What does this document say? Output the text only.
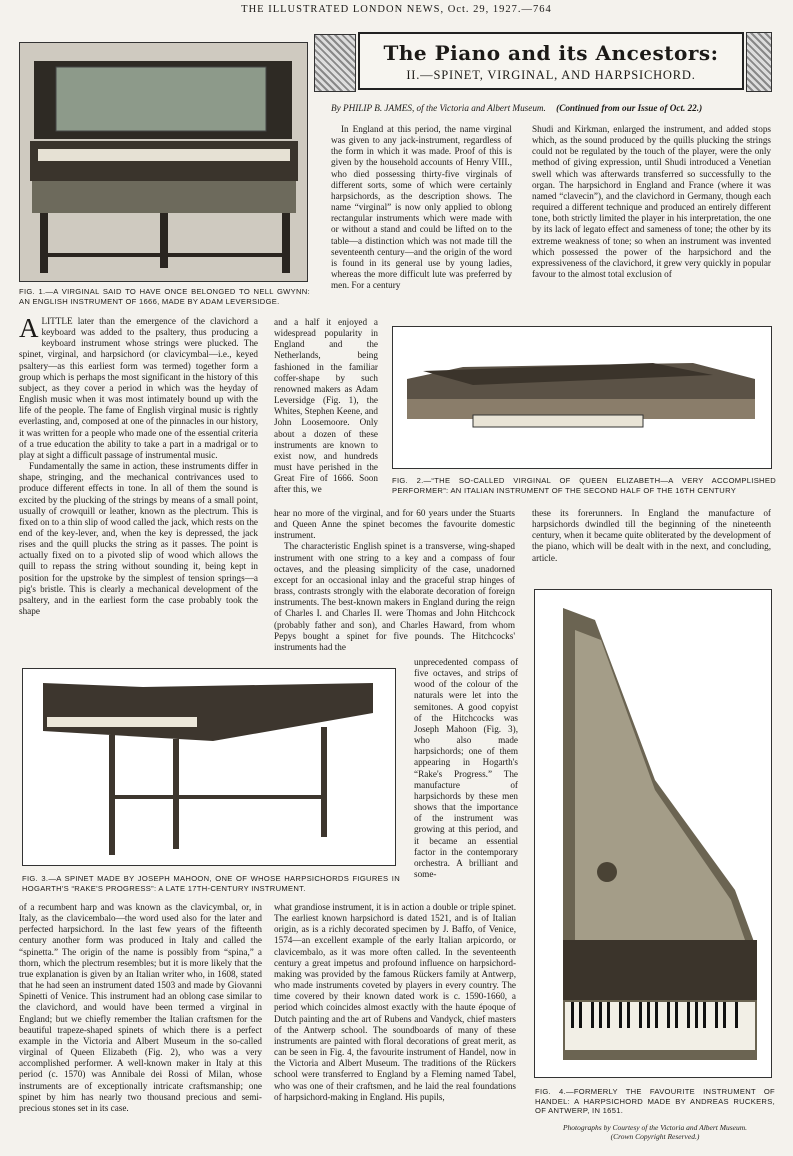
THE ILLUSTRATED LONDON NEWS, Oct. 29, 1927.—764
The Piano and its Ancestors:
II.—SPINET, VIRGINAL, AND HARPSICHORD.
By PHILIP B. JAMES, of the Victoria and Albert Museum. (Continued from our Issue of Oct. 22.)
FIG. 1.—A VIRGINAL SAID TO HAVE ONCE BELONGED TO NELL GWYNN: AN ENGLISH INSTRUMENT OF 1666, MADE BY ADAM LEVERSIDGE.
ALITTLE later than the emergence of the clavichord a keyboard was added to the psaltery, thus producing a keyboard instrument whose strings were plucked. The spinet, virginal, and harpsichord (or clavicymbal—i.e., keyed psaltery—as this earliest form was termed) together form a group which is perhaps the most significant in the history of this subject, as they cover a period in which was the heyday of English music when it was most intimately bound up with the life of the people. The fame of English virginal music is rightly everlasting, and, composed at one of the pinnacles in our history, it was written for a people who made one of the essential criteria of a true education the ability to take a part in a madrigal or to play at sight a difficult passage of instrumental music.

Fundamentally the same in action, these instruments differ in shape, stringing, and the mechanical contrivances used to produce different effects in tone. In all of them the sound is excited by the plucking of the strings by means of a small point, usually of crowquill or leather, known as the plectrum. This is fixed on to a thin slip of wood called the jack, which rests on the end of the key-lever, and, when the key is depressed, the jack rises and the quill plucks the string as it passes. The point is actually fixed on to a pivoted slip of wood which allows the quill to repass the string without sounding it, being kept in position for the upstroke by the simplest of tension springs—a pig's bristle. This is clearly a mechanical development of the psaltery, and in the earliest form the case probably took the shape

In England at this period, the name virginal was given to any jack-instrument, regardless of the form in which it was made. Proof of this is given by the household accounts of Henry VIII., who died possessing thirty-five virginals of different sorts, some of which were certainly harpsichords, as the description shows. The name “virginal” is now only applied to oblong rectangular instruments which were made with or without a stand and could be lifted on to the table—a distinction which was not made till the seventeenth century—and the origin of the word is found in its general use by young ladies, whereas the more difficult lute was preferred by men. For a century

and a half it enjoyed a widespread popularity in England and the Netherlands, being fashioned in the familiar coffer-shape by such renowned makers as Adam Leversidge (Fig. 1), the Whites, Stephen Keene, and John Loosemoore. Only about a dozen of these instruments are known to exist now, and hundreds must have perished in the Great Fire of 1666. Soon after this, we

FIG. 2.—“THE SO-CALLED VIRGINAL OF QUEEN ELIZABETH—A VERY ACCOMPLISHED PERFORMER”: AN ITALIAN INSTRUMENT OF THE SECOND HALF OF THE 16TH CENTURY

hear no more of the virginal, and for 60 years under the Stuarts and Queen Anne the spinet becomes the favourite domestic instrument.

The characteristic English spinet is a transverse, wing-shaped instrument with one string to a key and a compass of four octaves, and the pleasing simplicity of the case, unadorned except for an occasional inlay and the graceful strap hinges of brass, contrasts strongly with the elaborate decoration of foreign instruments. The best-known makers in England during the reign of Charles I. and Charles II. were Thomas and John Hitchcock (probably father and son), and Charles Haward, from whom Pepys bought a spinet for five pounds. The Hitchcocks' instruments had the

Shudi and Kirkman, enlarged the instrument, and added stops which, as the sound produced by the quills plucking the strings could not be regulated by the touch of the player, were the only method of giving expression, until Shudi introduced a Venetian swell which was afterwards transferred so successfully to the organ. The harpsichord in England and France (where it was named “clavecin”), and the clavichord in Germany, though each required a different technique and produced an entirely different tone, both strictly limited the player in his interpretation, the one by its lack of legato effect and sameness of tone; the other by its extreme weakness of tone; so when an instrument was invented which possessed the power of the harpsichord and the expressiveness of the clavichord, it grew very quickly in popular favour to the almost total exclusion of

these its forerunners. In England the manufacture of harpsichords dwindled till the beginning of the nineteenth century, when it became quite obliterated by the development of the piano, which will be dealt with in the next, and concluding, article.

FIG. 3.—A SPINET MADE BY JOSEPH MAHOON, ONE OF WHOSE HARPSICHORDS FIGURES IN HOGARTH'S “RAKE'S PROGRESS”: A LATE 17TH-CENTURY INSTRUMENT.

unprecedented compass of five octaves, and strips of wood of the colour of the naturals were let into the semitones. A good copyist of the Hitchcocks was Joseph Mahoon (Fig. 3), who also made harpsichords; one of them appearing in Hogarth's “Rake's Progress.” The manufacture of harpsichords by these men shows that the importance of the instrument was growing at this period, and it became an essential factor in the contemporary orchestra. A brilliant and some-

of a recumbent harp and was known as the clavicymbal, or, in Italy, as the clavicembalo—the word used also for the later and perfected harpsichord. In the last few years of the fifteenth century another form was produced in Italy and called the “spinetta.” The origin of the name is possibly from “spina,” a thorn, which the plectrum resembles; but it is more likely that the true explanation is given by an Italian writer who, in 1608, stated that he had seen an instrument dated 1503 and made by Giovanni Spinetti of Venice. This instrument had an oblong case similar to the clavichord, and would have been termed a virginal in England; but we chiefly remember the Italian craftsmen for the beautiful trapeze-shaped spinets of which there is a perfect example in the Victoria and Albert Museum in the so-called virginal of Queen Elizabeth (Fig. 2), who was a very accomplished performer. A well-known maker in Italy at this period (c. 1570) was Annibale dei Rossi of Milan, whose instruments are of exceptionally intricate craftsmanship; one spinet by him has nearly two thousand precious and semi-precious stones set in its case.

what grandiose instrument, it is in action a double or triple spinet. The earliest known harpsichord is dated 1521, and is of Italian origin, as is a richly decorated specimen by J. Baffo, of Venice, 1574—an excellent example of the early Italian arpicordo, or clavicembalo, as it was more often called. In the seventeenth century a great impetus and profound influence on harpsichord-making was provided by the famous Rückers family at Antwerp, who made instruments coveted by players in every country. The time covered by their known dated work is c. 1590-1660, a period which coincides almost exactly with the haute époque of Dutch painting and the art of Rubens and Vandyck, chief masters of the Antwerp school. The soundboards of many of these instruments are painted with floral decorations of great merit, as can be seen in Fig. 4, the favourite instrument of Handel, now in the Victoria and Albert Museum. The traditions of the Rückers school were transferred to England by a Fleming named Tabel, who was one of their craftsmen, and he laid the real foundations of harpsichord-making in England. His pupils,

FIG. 4.—FORMERLY THE FAVOURITE INSTRUMENT OF HANDEL: A HARPSICHORD MADE BY ANDREAS RUCKERS, OF ANTWERP, IN 1651.
Photographs by Courtesy of the Victoria and Albert Museum.
(Crown Copyright Reserved.)
